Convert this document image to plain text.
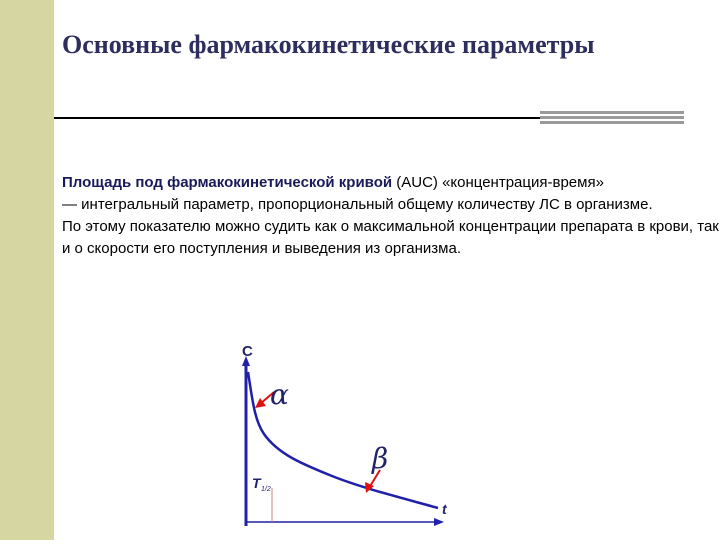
Основные фармакокинетические параметры

Площадь под фармакокинетической кривой (AUC) «концентрация-время»
— интегральный параметр, пропорциональный общему количеству ЛС в организме.

По этому показателю можно судить как о максимальной концентрации препарата в крови, так и о скорости его поступления и выведения из организма.

C
t
α
β
T 1/2
